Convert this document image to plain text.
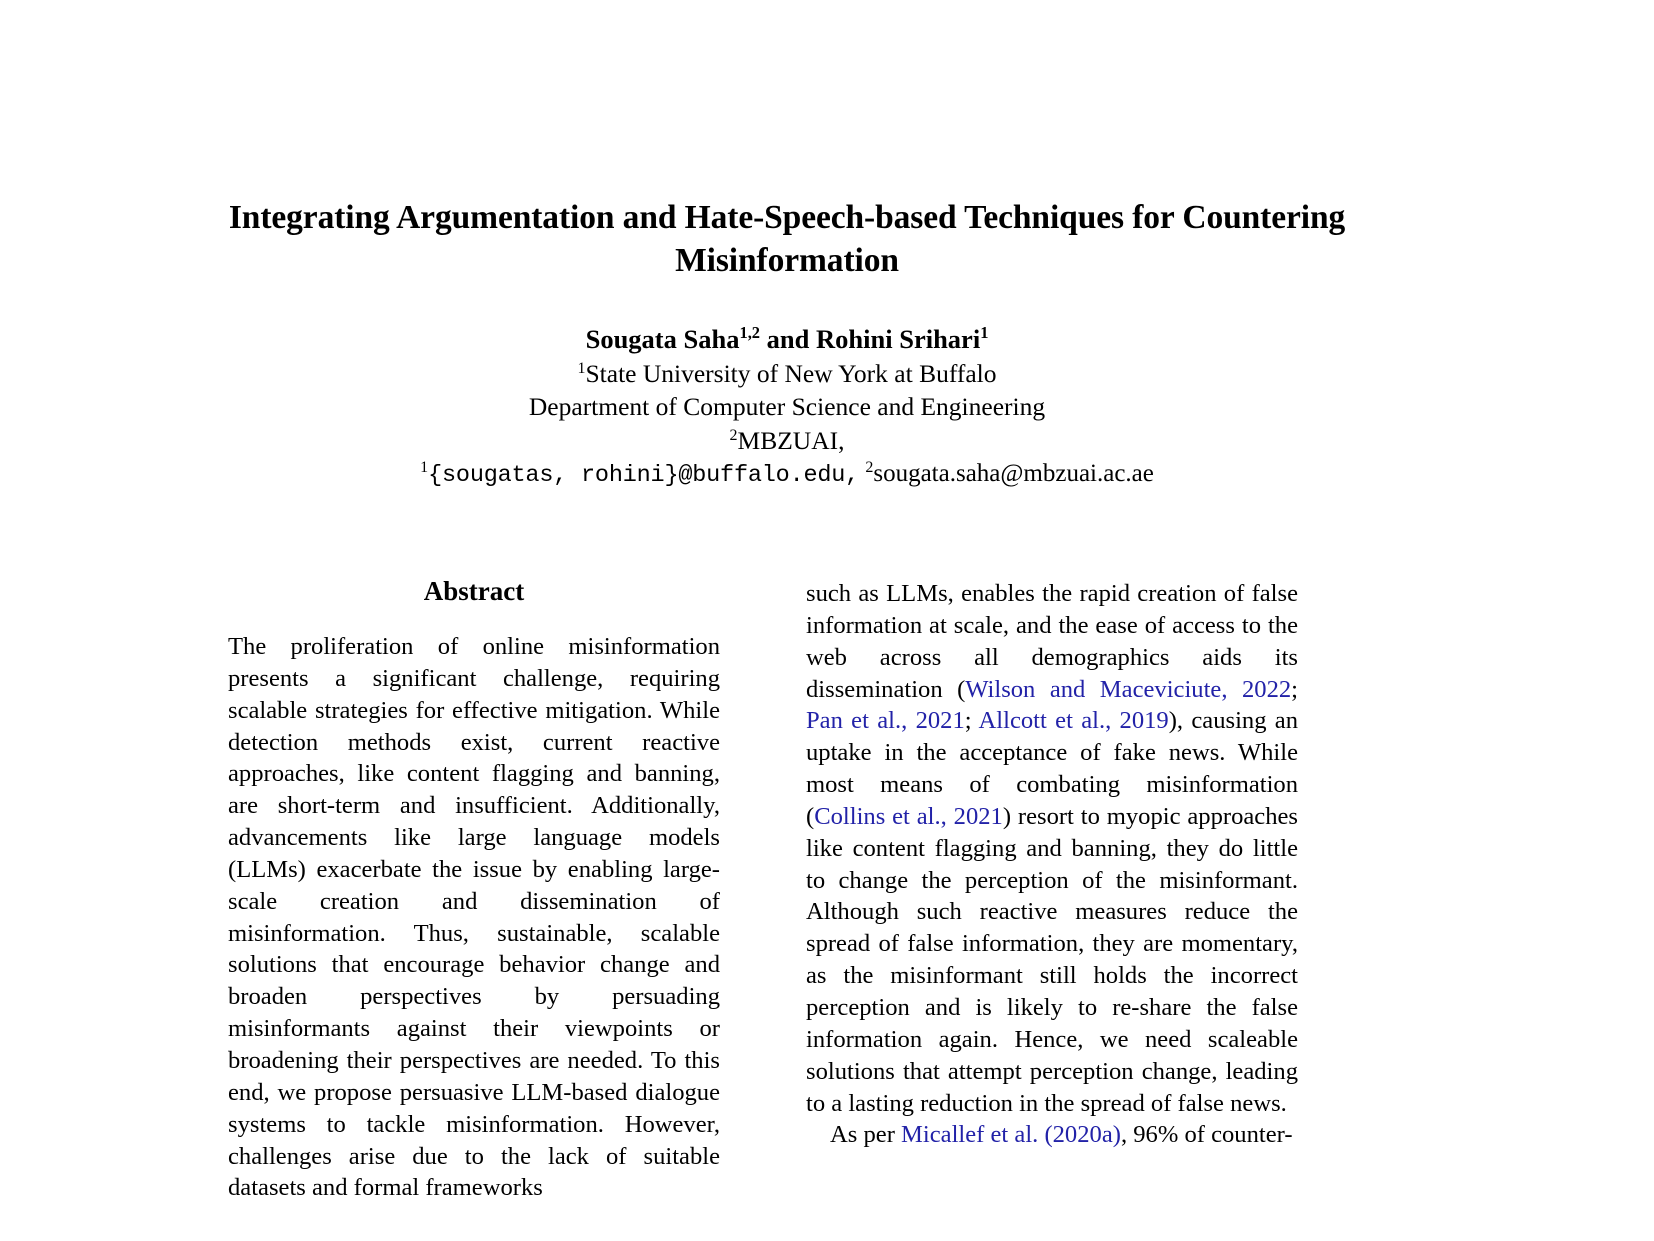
Integrating Argumentation and Hate-Speech-based Techniques for Countering Misinformation
Sougata Saha$^{1,2}$ and Rohini Srihari$^1$
$^1$State University of New York at Buffalo
Department of Computer Science and Engineering
$^2$MBZUAI,
$^1${sougatas, rohini}@buffalo.edu, $^2$sougata.saha@mbzuai.ac.ae
Abstract

The proliferation of online misinformation presents a significant challenge, requiring scalable strategies for effective mitigation. While detection methods exist, current reactive approaches, like content flagging and banning, are short-term and insufficient. Additionally, advancements like large language models (LLMs) exacerbate the issue by enabling large-scale creation and dissemination of misinformation. Thus, sustainable, scalable solutions that encourage behavior change and broaden perspectives by persuading misinformants against their viewpoints or broadening their perspectives are needed. To this end, we propose persuasive LLM-based dialogue systems to tackle misinformation. However, challenges arise due to the lack of suitable datasets and formal frameworks

such as LLMs, enables the rapid creation of false information at scale, and the ease of access to the web across all demographics aids its dissemination (Wilson and Maceviciute, 2022; Pan et al., 2021; Allcott et al., 2019), causing an uptake in the acceptance of fake news. While most means of combating misinformation (Collins et al., 2021) resort to myopic approaches like content flagging and banning, they do little to change the perception of the misinformant. Although such reactive measures reduce the spread of false information, they are momentary, as the misinformant still holds the incorrect perception and is likely to re-share the false information again. Hence, we need scaleable solutions that attempt perception change, leading to a lasting reduction in the spread of false news.

As per Micallef et al. (2020a), 96% of counter-
